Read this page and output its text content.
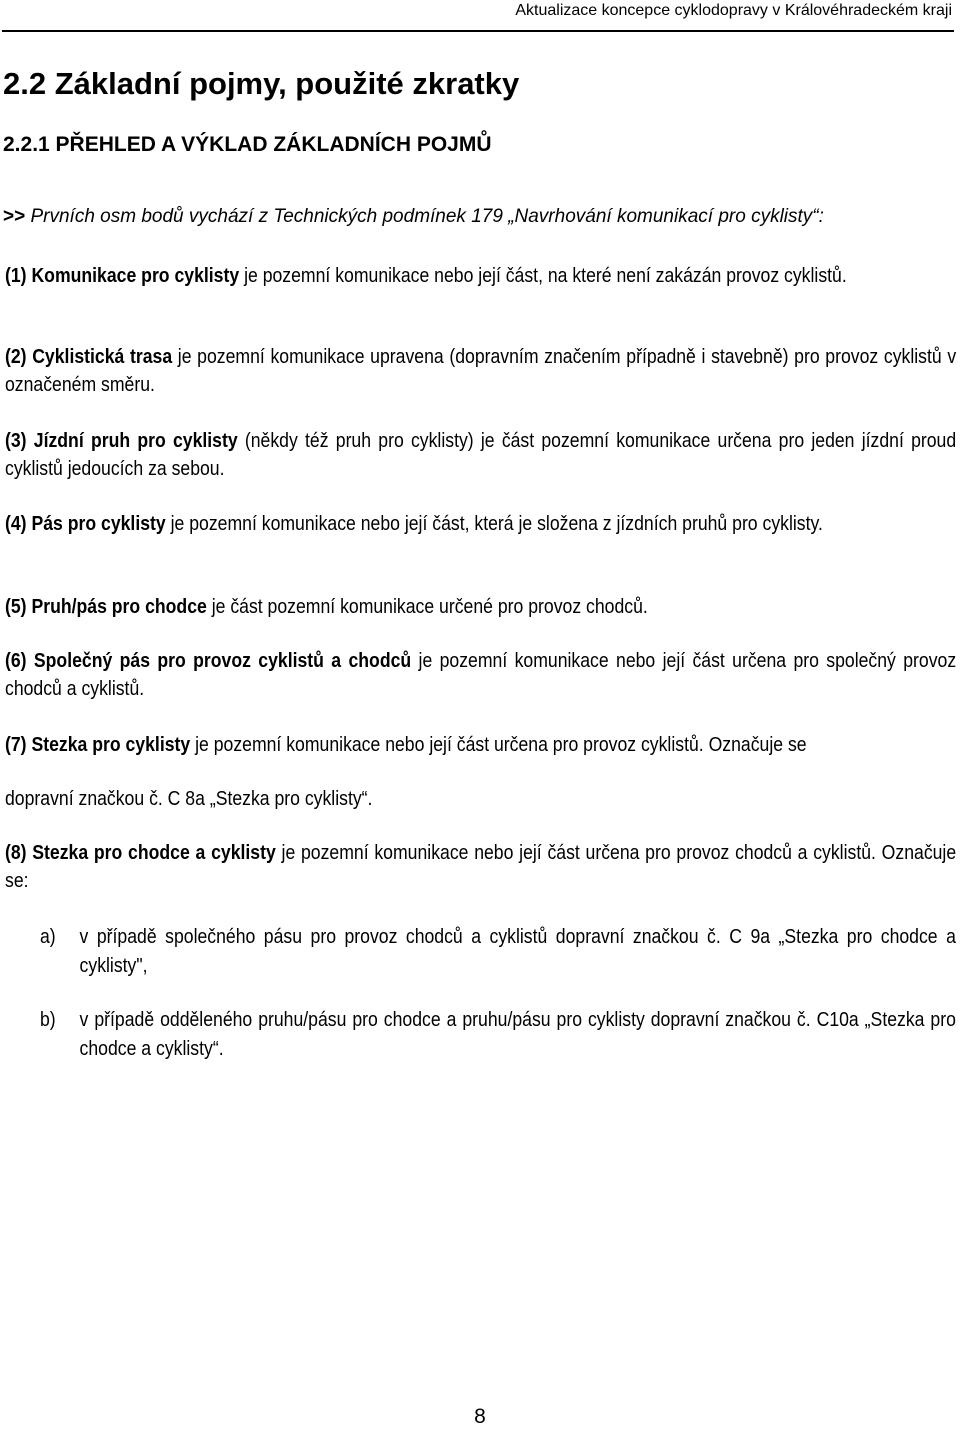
Aktualizace koncepce cyklodopravy v Královéhradeckém kraji
2.2 Základní pojmy, použité zkratky
2.2.1 PŘEHLED A VÝKLAD ZÁKLADNÍCH POJMŮ

>> Prvních osm bodů vychází z Technických podmínek 179 „Navrhování komunikací pro cyklisty“:

(1) Komunikace pro cyklisty je pozemní komunikace nebo její část, na které není zakázán provoz cyklistů.

(2) Cyklistická trasa je pozemní komunikace upravena (dopravním značením případně i stavebně) pro provoz cyklistů v označeném směru.

(3) Jízdní pruh pro cyklisty (někdy též pruh pro cyklisty) je část pozemní komunikace určena pro jeden jízdní proud cyklistů jedoucích za sebou.

(4) Pás pro cyklisty je pozemní komunikace nebo její část, která je složena z jízdních pruhů pro cyklisty.

(5) Pruh/pás pro chodce je část pozemní komunikace určené pro provoz chodců.

(6) Společný pás pro provoz cyklistů a chodců je pozemní komunikace nebo její část určena pro společný provoz chodců a cyklistů.

(7) Stezka pro cyklisty je pozemní komunikace nebo její část určena pro provoz cyklistů. Označuje se

dopravní značkou č. C 8a „Stezka pro cyklisty“.

(8) Stezka pro chodce a cyklisty je pozemní komunikace nebo její část určena pro provoz chodců a cyklistů. Označuje se:

a) v případě společného pásu pro provoz chodců a cyklistů dopravní značkou č. C 9a „Stezka pro chodce a cyklisty",
b) v případě odděleného pruhu/pásu pro chodce a pruhu/pásu pro cyklisty dopravní značkou č. C10a „Stezka pro chodce a cyklisty“.
8
